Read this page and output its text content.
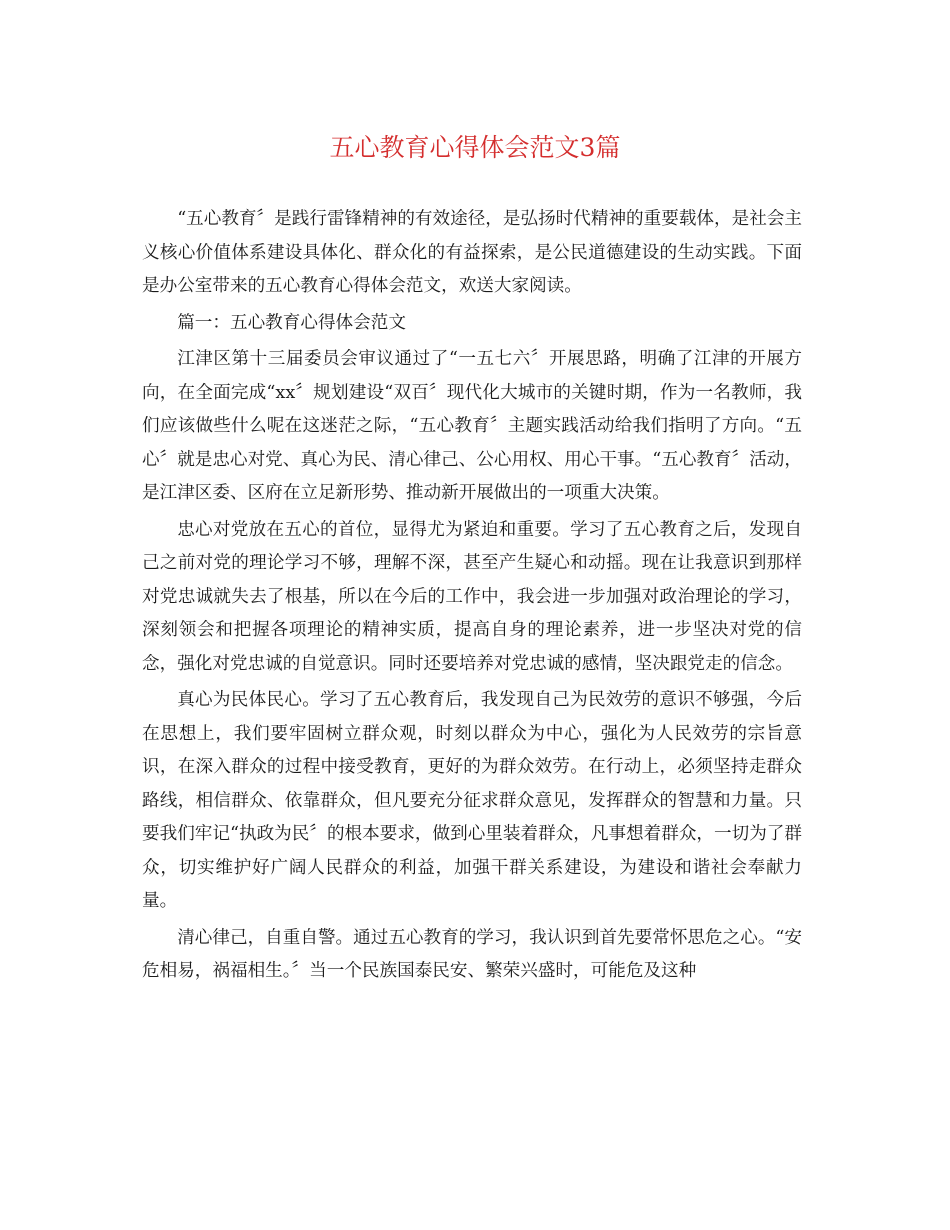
五心教育心得体会范文3篇

“五心教育〞是践行雷锋精神的有效途径，是弘扬时代精神的重要载体，是社会主义核心价值体系建设具体化、群众化的有益探索，是公民道德建设的生动实践。下面是办公室带来的五心教育心得体会范文，欢送大家阅读。

篇一：五心教育心得体会范文

江津区第十三届委员会审议通过了“一五七六〞开展思路，明确了江津的开展方向，在全面完成“xx〞规划建设“双百〞现代化大城市的关键时期，作为一名教师，我们应该做些什么呢在这迷茫之际，“五心教育〞主题实践活动给我们指明了方向。“五心〞就是忠心对党、真心为民、清心律己、公心用权、用心干事。“五心教育〞活动，是江津区委、区府在立足新形势、推动新开展做出的一项重大决策。

忠心对党放在五心的首位，显得尤为紧迫和重要。学习了五心教育之后，发现自己之前对党的理论学习不够，理解不深，甚至产生疑心和动摇。现在让我意识到那样对党忠诚就失去了根基，所以在今后的工作中，我会进一步加强对政治理论的学习，深刻领会和把握各项理论的精神实质，提高自身的理论素养，进一步坚决对党的信念，强化对党忠诚的自觉意识。同时还要培养对党忠诚的感情，坚决跟党走的信念。

真心为民体民心。学习了五心教育后，我发现自己为民效劳的意识不够强，今后在思想上，我们要牢固树立群众观，时刻以群众为中心，强化为人民效劳的宗旨意识，在深入群众的过程中接受教育，更好的为群众效劳。在行动上，必须坚持走群众路线，相信群众、依靠群众，但凡要充分征求群众意见，发挥群众的智慧和力量。只要我们牢记“执政为民〞的根本要求，做到心里装着群众，凡事想着群众，一切为了群众，切实维护好广阔人民群众的利益，加强干群关系建设，为建设和谐社会奉献力量。

清心律己，自重自警。通过五心教育的学习，我认识到首先要常怀思危之心。“安危相易，祸福相生。〞当一个民族国泰民安、繁荣兴盛时，可能危及这种
